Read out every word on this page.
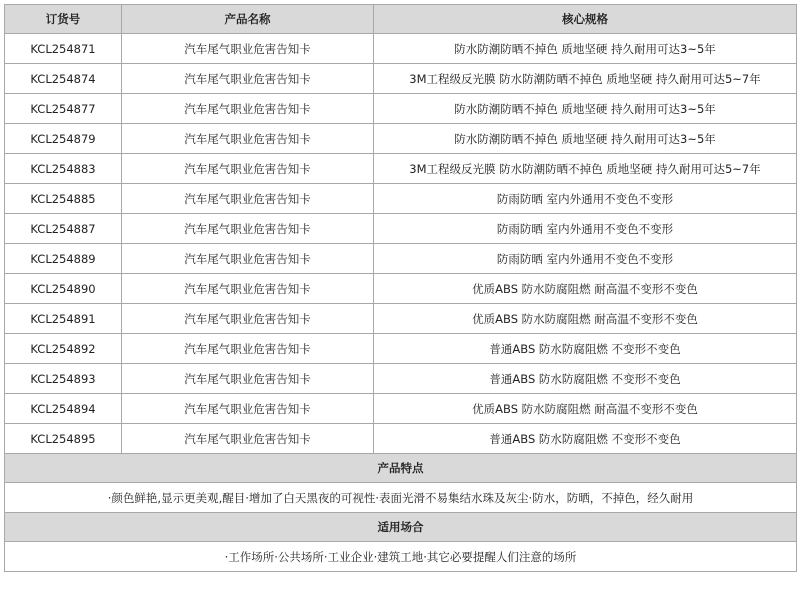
订货号	产品名称	核心规格
KCL254871	汽车尾气职业危害告知卡	防水防潮防晒不掉色 质地坚硬 持久耐用可达3~5年
KCL254874	汽车尾气职业危害告知卡	3M工程级反光膜 防水防潮防晒不掉色 质地坚硬 持久耐用可达5~7年
KCL254877	汽车尾气职业危害告知卡	防水防潮防晒不掉色 质地坚硬 持久耐用可达3~5年
KCL254879	汽车尾气职业危害告知卡	防水防潮防晒不掉色 质地坚硬 持久耐用可达3~5年
KCL254883	汽车尾气职业危害告知卡	3M工程级反光膜 防水防潮防晒不掉色 质地坚硬 持久耐用可达5~7年
KCL254885	汽车尾气职业危害告知卡	防雨防晒 室内外通用不变色不变形
KCL254887	汽车尾气职业危害告知卡	防雨防晒 室内外通用不变色不变形
KCL254889	汽车尾气职业危害告知卡	防雨防晒 室内外通用不变色不变形
KCL254890	汽车尾气职业危害告知卡	优质ABS 防水防腐阻燃 耐高温不变形不变色
KCL254891	汽车尾气职业危害告知卡	优质ABS 防水防腐阻燃 耐高温不变形不变色
KCL254892	汽车尾气职业危害告知卡	普通ABS 防水防腐阻燃 不变形不变色
KCL254893	汽车尾气职业危害告知卡	普通ABS 防水防腐阻燃 不变形不变色
KCL254894	汽车尾气职业危害告知卡	优质ABS 防水防腐阻燃 耐高温不变形不变色
KCL254895	汽车尾气职业危害告知卡	普通ABS 防水防腐阻燃 不变形不变色
产品特点		
·颜色鲜艳,显示更美观,醒目·增加了白天黑夜的可视性·表面光滑不易集结水珠及灰尘·防水，防晒，不掉色，经久耐用		
适用场合		
·工作场所·公共场所·工业企业·建筑工地·其它必要提醒人们注意的场所		
